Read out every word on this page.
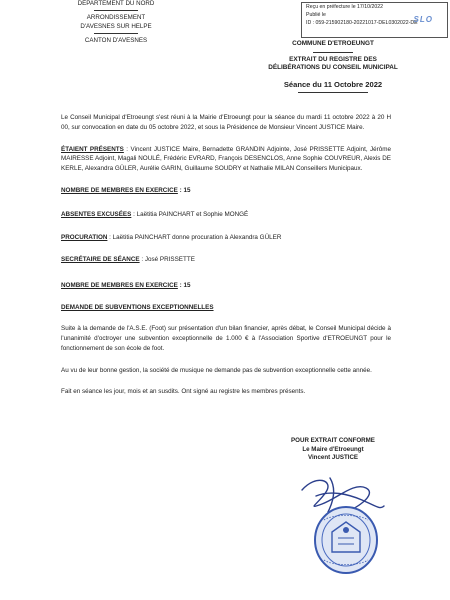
Reçu en préfecture le 17/10/2022
Publié le
ID : 059-215902180-20221017-DEL0302022-DE
SLO
DÉPARTEMENT DU NORD
ARRONDISSEMENT
D'AVESNES SUR HELPE
CANTON D'AVESNES	COMMUNE D'ETROEUNGT
EXTRAIT DU REGISTRE DES
DÉLIBÉRATIONS DU CONSEIL MUNICIPAL
Séance du 11 Octobre 2022

Le Conseil Municipal d'Etroeungt s'est réuni à la Mairie d'Etroeungt pour la séance du mardi 11 octobre 2022 à 20 H 00, sur convocation en date du 05 octobre 2022, et sous la Présidence de Monsieur Vincent JUSTICE Maire.

ÉTAIENT PRÉSENTS : Vincent JUSTICE Maire, Bernadette GRANDIN Adjointe, José PRISSETTE Adjoint, Jérôme MAIRESSE Adjoint, Magali NOULÉ, Frédéric EVRARD, François DESENCLOS, Anne Sophie COUVREUR, Alexis DE KERLE, Alexandra GÜLER, Aurélie GARIN, Guillaume SOUDRY et Nathalie MILAN Conseillers Municipaux.

NOMBRE DE MEMBRES EN EXERCICE : 15

ABSENTES EXCUSÉES : Laëtitia PAINCHART et Sophie MONGÉ

PROCURATION : Laëtitia PAINCHART donne procuration à Alexandra GÜLER

SECRÉTAIRE DE SÉANCE : José PRISSETTE

NOMBRE DE MEMBRES EN EXERCICE : 15

DEMANDE DE SUBVENTIONS EXCEPTIONNELLES

Suite à la demande de l'A.S.E. (Foot) sur présentation d'un bilan financier, après débat, le Conseil Municipal décide à l'unanimité d'octroyer une subvention exceptionnelle de 1.000 € à l'Association Sportive d'ETROEUNGT pour le fonctionnement de son école de foot.

Au vu de leur bonne gestion, la société de musique ne demande pas de subvention exceptionnelle cette année.

Fait en séance les jour, mois et an susdits. Ont signé au registre les membres présents.

POUR EXTRAIT CONFORME
Le Maire d'Etroeungt
Vincent JUSTICE
